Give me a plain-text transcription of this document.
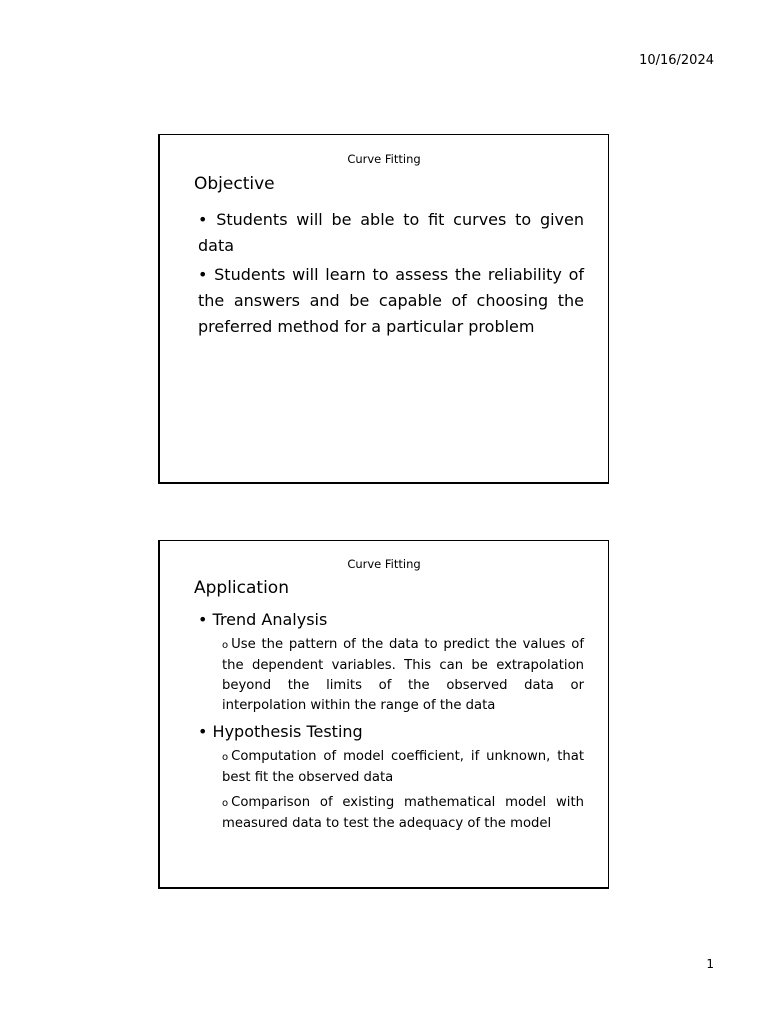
10/16/2024
Curve Fitting
Objective
• Students will be able to fit curves to given data
• Students will learn to assess the reliability of the answers and be capable of choosing the preferred method for a particular problem
Curve Fitting
Application
• Trend Analysis
o Use the pattern of the data to predict the values of the dependent variables. This can be extrapolation beyond the limits of the observed data or interpolation within the range of the data
• Hypothesis Testing
o Computation of model coefficient, if unknown, that best fit the observed data
o Comparison of existing mathematical model with measured data to test the adequacy of the model
1
